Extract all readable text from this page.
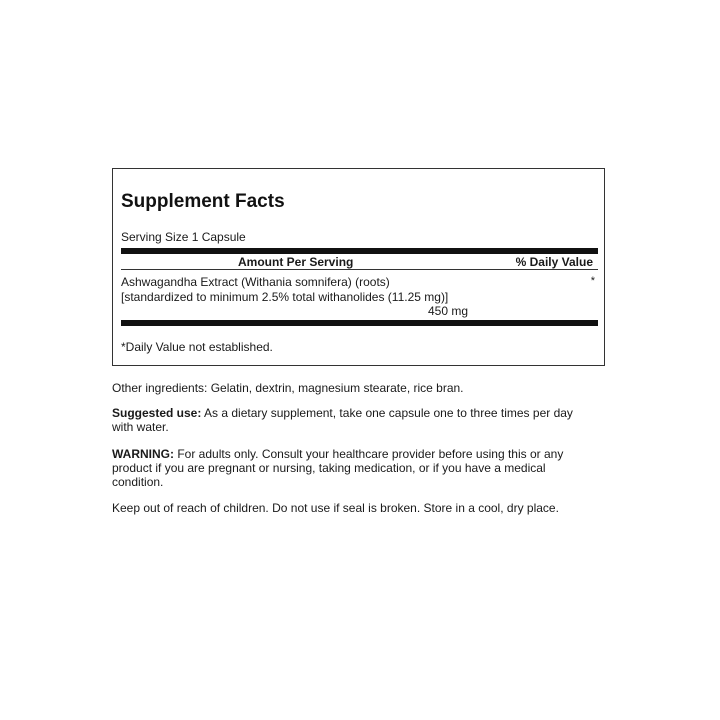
Supplement Facts
Serving Size 1 Capsule
Amount Per Serving	% Daily Value
Ashwagandha Extract (Withania somnifera) (roots)
[standardized to minimum 2.5% total withanolides (11.25 mg)]
450 mg
*
*Daily Value not established.

Other ingredients: Gelatin, dextrin, magnesium stearate, rice bran.

Suggested use: As a dietary supplement, take one capsule one to three times per day with water.

WARNING: For adults only. Consult your healthcare provider before using this or any product if you are pregnant or nursing, taking medication, or if you have a medical condition.

Keep out of reach of children. Do not use if seal is broken. Store in a cool, dry place.
